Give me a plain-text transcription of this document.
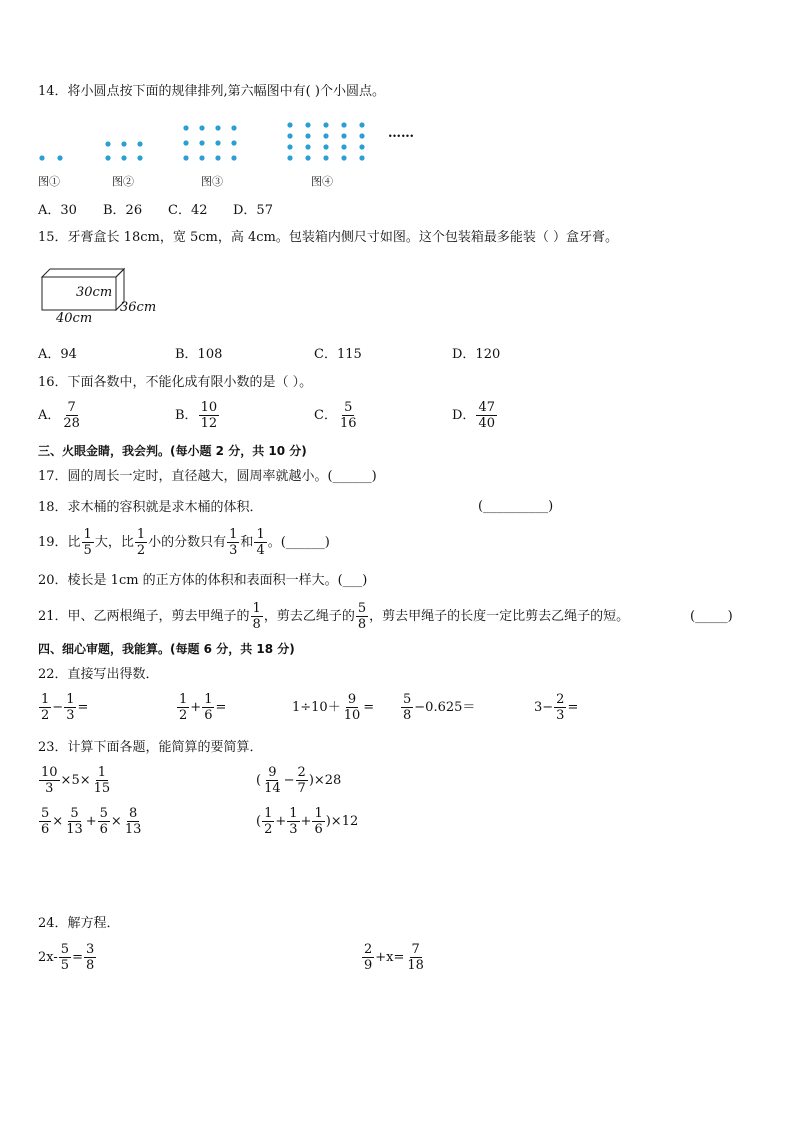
14．将小圆点按下面的规律排列,第六幅图中有( )个小圆点。
……
图①	图②	图③	图④
A．30 B．26 C．42 D．57
15．牙膏盒长 18cm，宽 5cm，高 4cm。包装箱内侧尺寸如图。这个包装箱最多能装（ ）盒牙膏。
30cm
36cm
40cm
A．94	B．108	C．115	D．120
16．下面各数中，不能化成有限小数的是（ ）。
A． $\frac{7}{28}$	B． $\frac{10}{12}$	C． $\frac{5}{16}$	D． $\frac{47}{40}$
三、火眼金睛，我会判。(每小题 2 分，共 10 分)
17．圆的周长一定时，直径越大，圆周率就越小。(______)
18．求木桶的容积就是求木桶的体积．	(__________)
19．比 $\frac{1}{5}$ 大，比 $\frac{1}{2}$ 小的分数只有 $\frac{1}{3}$ 和 $\frac{1}{4}$ 。(______)
20．棱长是 1cm 的正方体的体积和表面积一样大。(___)
21．甲、乙两根绳子，剪去甲绳子的 $\frac{1}{8}$ ，剪去乙绳子的 $\frac{5}{8}$ ，剪去甲绳子的长度一定比剪去乙绳子的短。	(_____)
四、细心审题，我能算。(每题 6 分，共 18 分)
22．直接写出得数．
$\frac{1}{2} - \frac{1}{3}$ =	$\frac{1}{2} + \frac{1}{6}$ =	$1\div 10+ \frac{9}{10} = \frac{5}{8} -0.625=$	$3- \frac{2}{3}$ =
23．计算下面各题，能简算的要简算．
$\frac{10}{3} \times 5\times \frac{1}{15}$	( $\frac{9}{14} - \frac{2}{7} )\times 28$
$\frac{5}{6} \times \frac{5}{13} + \frac{5}{6} \times \frac{8}{13}$	( $\frac{1}{2} + \frac{1}{3} + \frac{1}{6} )\times 12$
24．解方程．
$2x- \frac{5}{5} = \frac{3}{8}$	$\frac{2}{9} +x= \frac{7}{18}$
